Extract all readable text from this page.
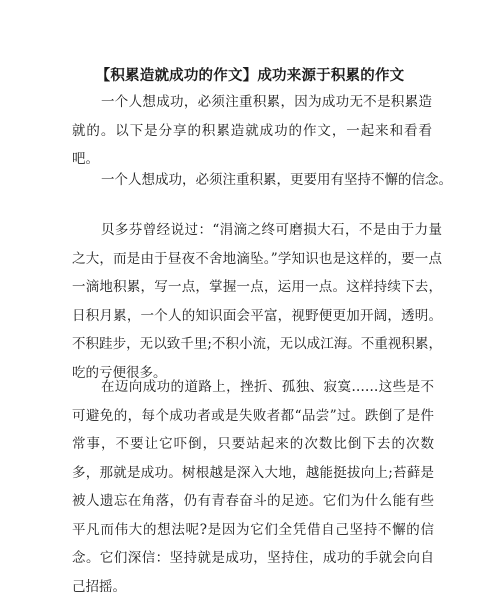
【积累造就成功的作文】成功来源于积累的作文

一个人想成功，必须注重积累，因为成功无不是积累造就的。以下是分享的积累造就成功的作文，一起来和看看吧。

一个人想成功，必须注重积累，更要用有坚持不懈的信念。

贝多芬曾经说过：“涓滴之终可磨损大石，不是由于力量之大，而是由于昼夜不舍地滴坠。”学知识也是这样的，要一点一滴地积累，写一点，掌握一点，运用一点。这样持续下去，日积月累，一个人的知识面会平富，视野便更加开阔，透明。不积跬步，无以致千里;不积小流，无以成江海。不重视积累，吃的亏便很多。

在迈向成功的道路上，挫折、孤独、寂寞……这些是不可避免的，每个成功者或是失败者都“品尝”过。跌倒了是件常事，不要让它吓倒，只要站起来的次数比倒下去的次数多，那就是成功。树根越是深入大地，越能挺拔向上;苔藓是被人遗忘在角落，仍有青春奋斗的足迹。它们为什么能有些平凡而伟大的想法呢?是因为它们全凭借自己坚持不懈的信念。它们深信：坚持就是成功，坚持住，成功的手就会向自己招摇。
